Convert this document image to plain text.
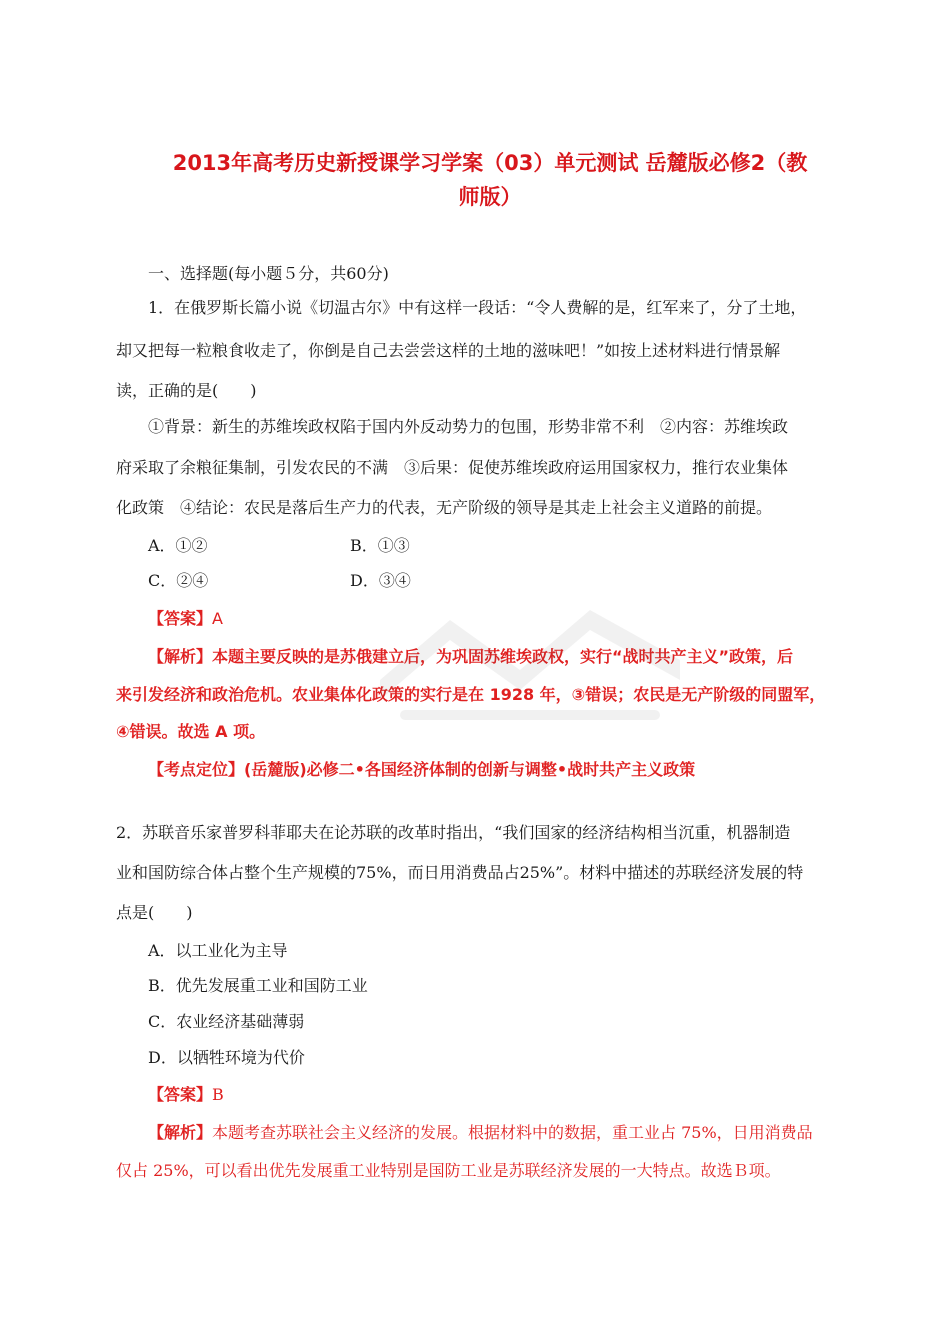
2013年高考历史新授课学习学案（03）单元测试 岳麓版必修2（教
师版）
一、选择题(每小题５分，共60分)
1．在俄罗斯长篇小说《切温古尔》中有这样一段话：“令人费解的是，红军来了，分了土地，
却又把每一粒粮食收走了，你倒是自己去尝尝这样的土地的滋味吧！”如按上述材料进行情景解
读，正确的是(　　)
①背景：新生的苏维埃政权陷于国内外反动势力的包围，形势非常不利　②内容：苏维埃政
府采取了余粮征集制，引发农民的不满　③后果：促使苏维埃政府运用国家权力，推行农业集体
化政策　④结论：农民是落后生产力的代表，无产阶级的领导是其走上社会主义道路的前提。
A．①②	B．①③
C．②④	D．③④
【答案】A
【解析】本题主要反映的是苏俄建立后，为巩固苏维埃政权，实行“战时共产主义”政策，后
来引发经济和政治危机。农业集体化政策的实行是在 1928 年，③错误；农民是无产阶级的同盟军，
④错误。故选 A 项。
【考点定位】(岳麓版)必修二•各国经济体制的创新与调整•战时共产主义政策
2．苏联音乐家普罗科菲耶夫在论苏联的改革时指出，“我们国家的经济结构相当沉重，机器制造
业和国防综合体占整个生产规模的75%，而日用消费品占25%”。材料中描述的苏联经济发展的特
点是(　　)
A．以工业化为主导
B．优先发展重工业和国防工业
C．农业经济基础薄弱
D．以牺牲环境为代价
【答案】B
【解析】本题考查苏联社会主义经济的发展。根据材料中的数据，重工业占 75%，日用消费品
仅占 25%，可以看出优先发展重工业特别是国防工业是苏联经济发展的一大特点。故选Ｂ项。
